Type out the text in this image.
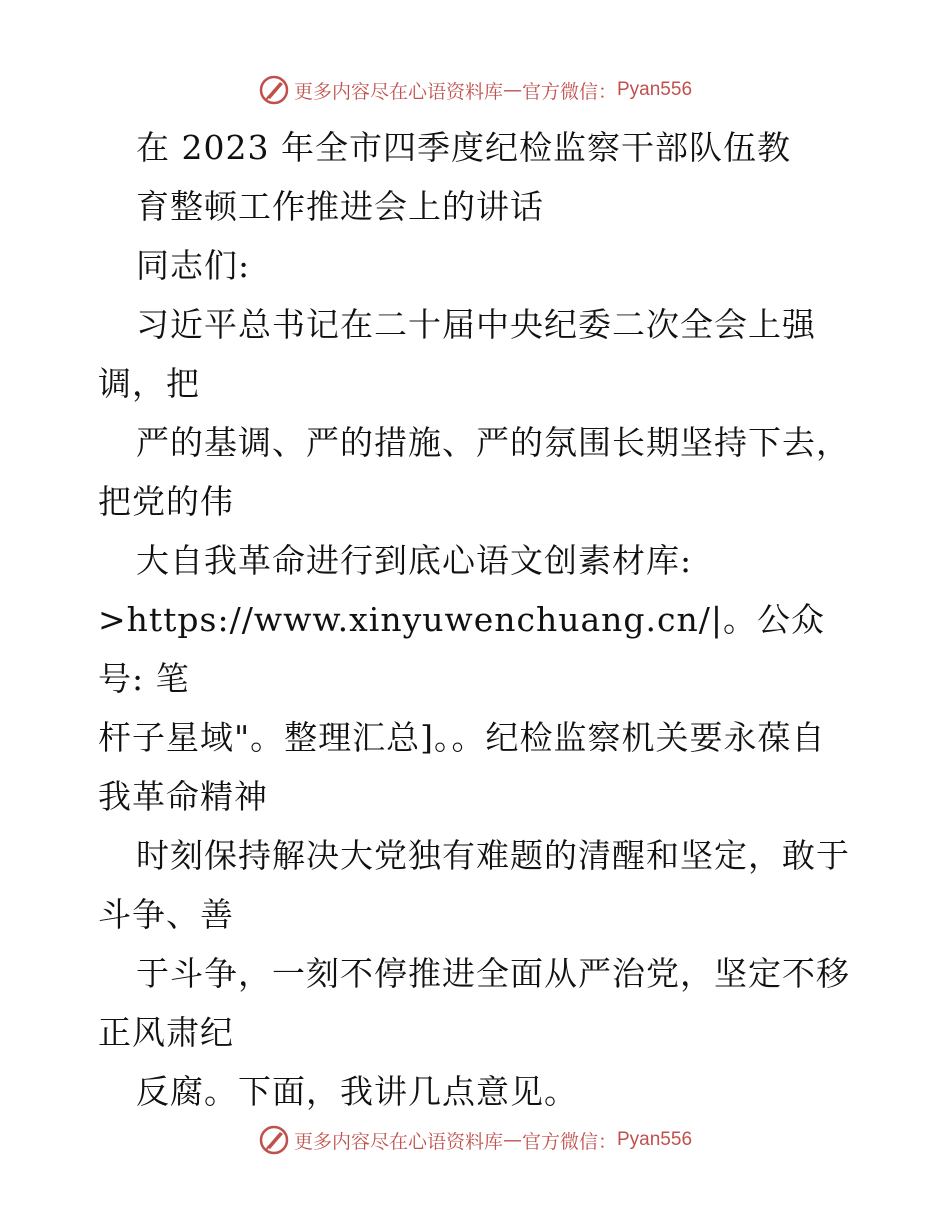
更多内容尽在心语资料库 — 官方微信： Pyan556

在 2023 年全市四季度纪检监察干部队伍教

育整顿工作推进会上的讲话

同志们:

习近平总书记在二十届中央纪委二次全会上强

调，把

严的基调、严的措施、严的氛围长期坚持下去，

把党的伟

大自我革命进行到底心语文创素材库:

>https://www.xinyuwenchuang.cn/|。公众号: 笔

杆子星域"。整理汇总]。。纪检监察机关要永葆自

我革命精神

时刻保持解决大党独有难题的清醒和坚定，敢于

斗争、善

于斗争，一刻不停推进全面从严治党，坚定不移

正风肃纪

反腐。下面，我讲几点意见。

更多内容尽在心语资料库 — 官方微信： Pyan556
